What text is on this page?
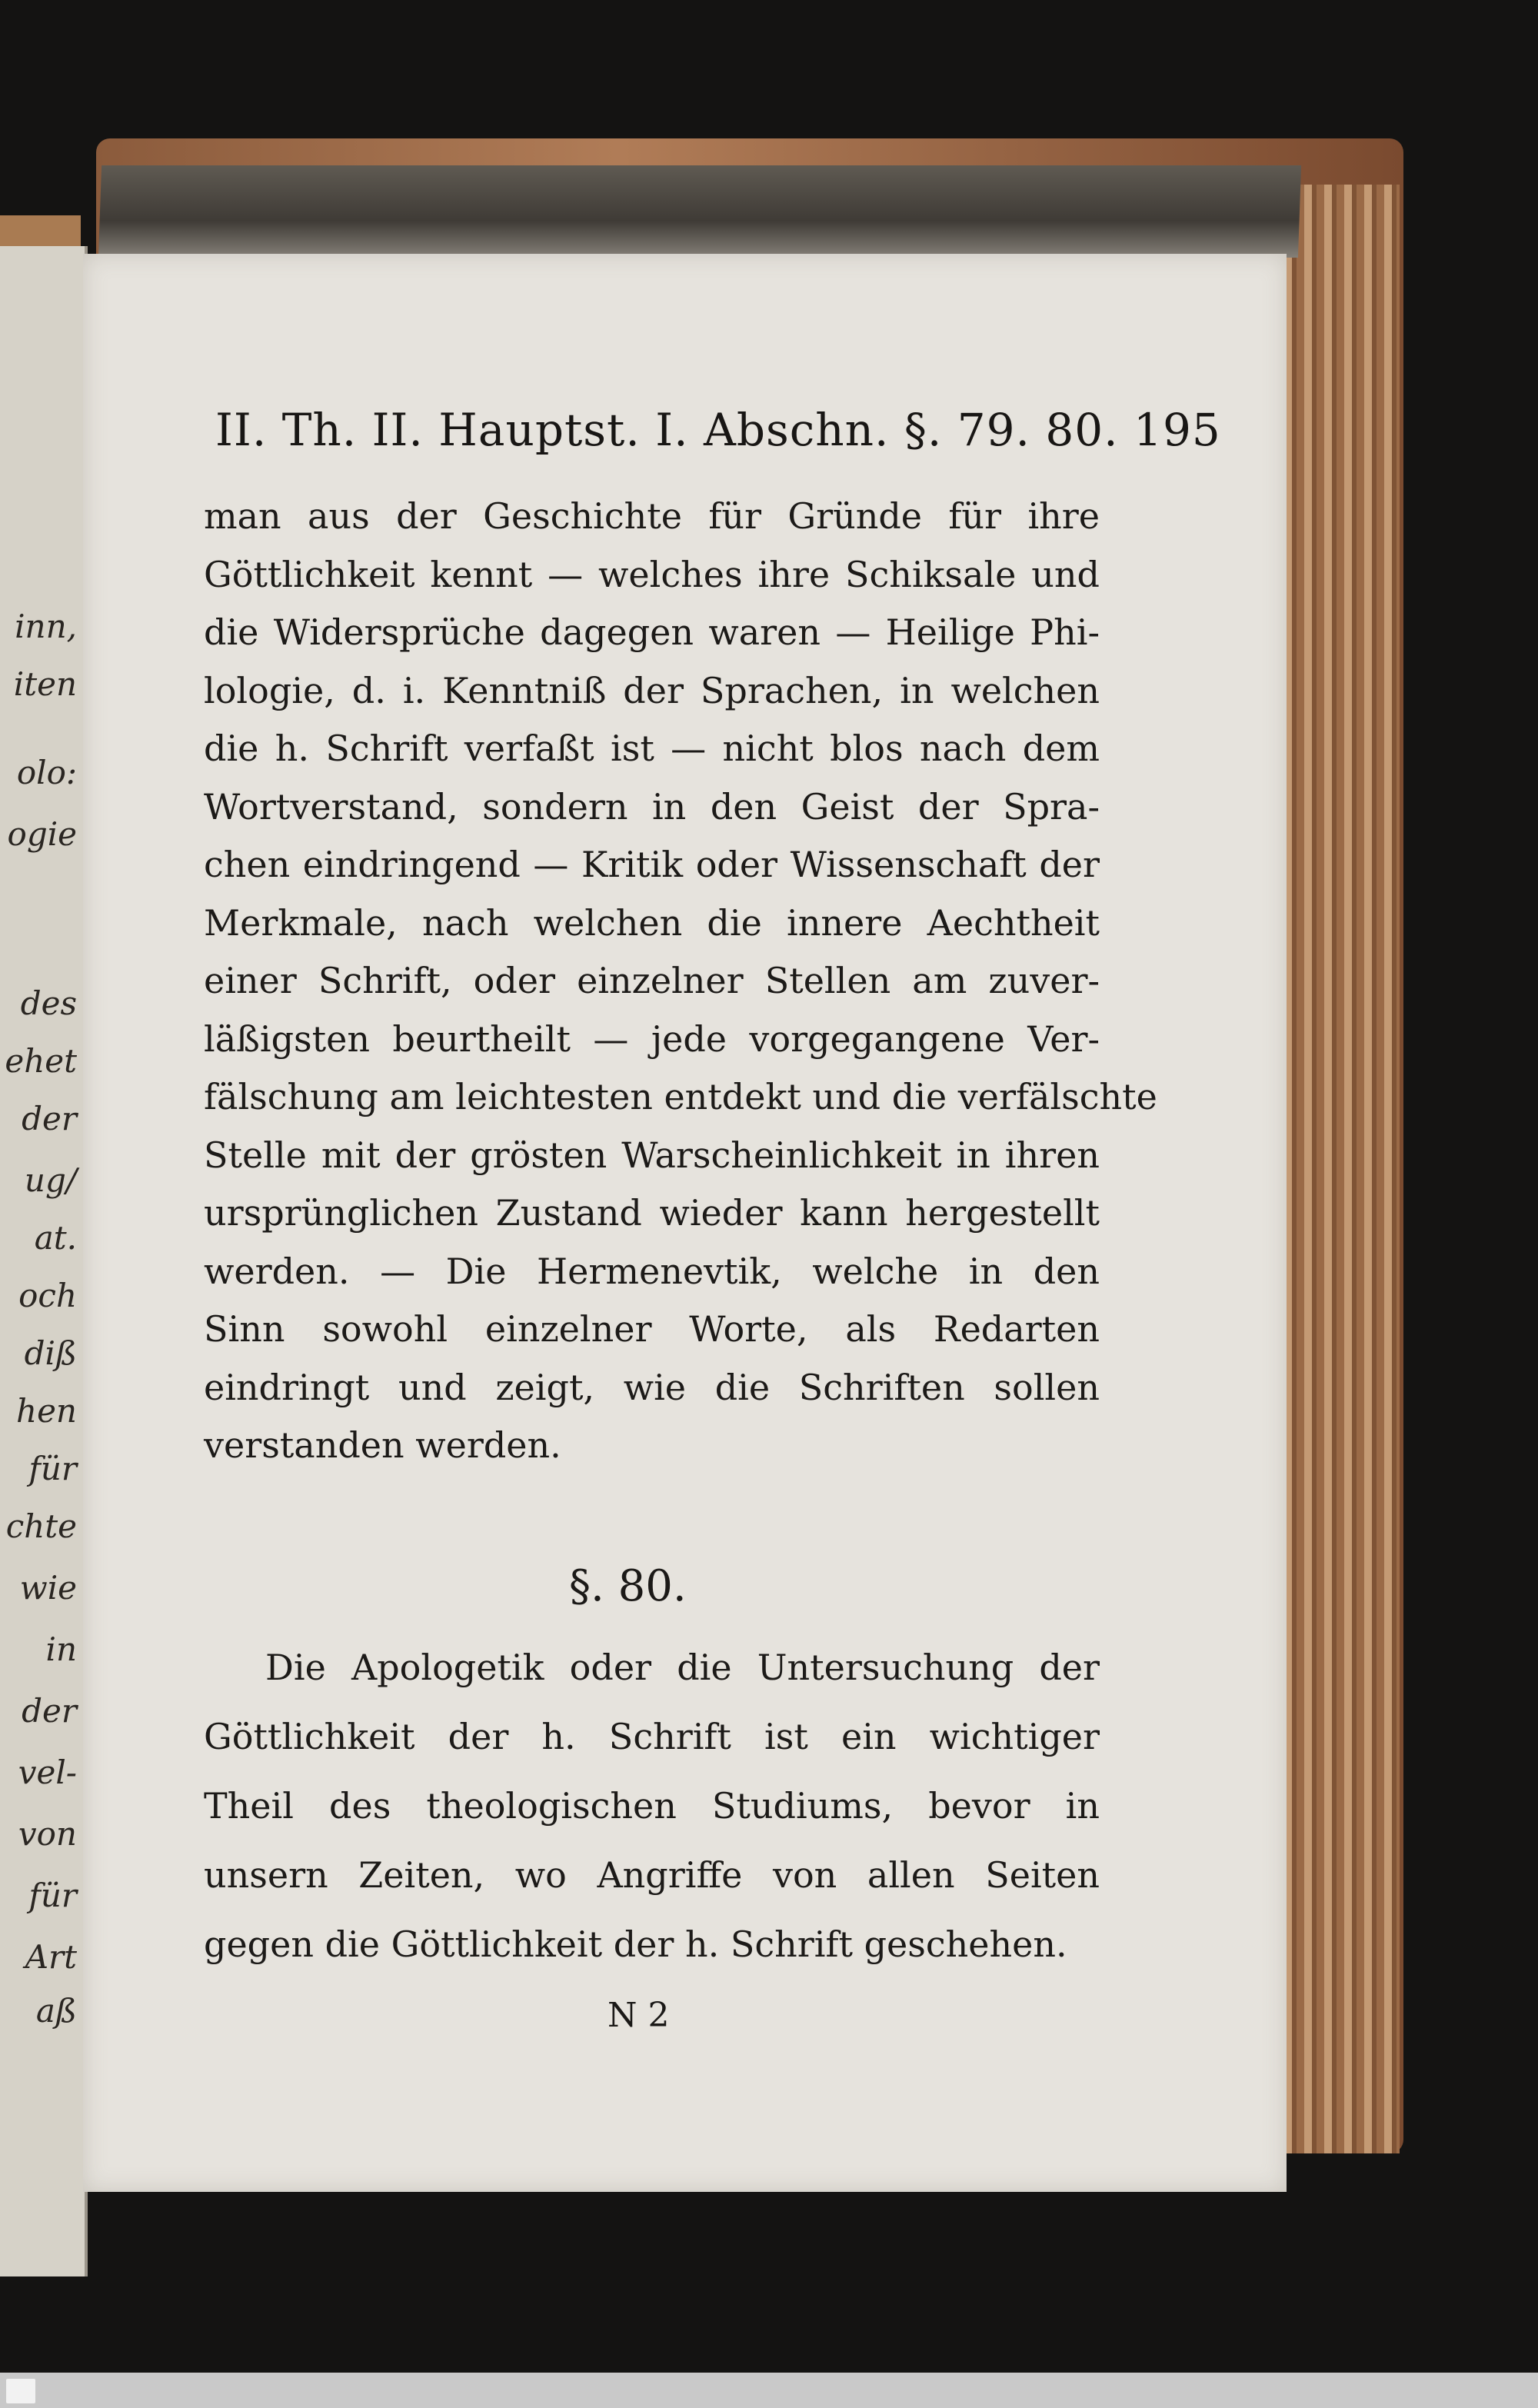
inn,
iten
olo:
ogie
des
ehet
der
ug/
at.
och
diß
hen
für
chte
wie
in
der
vel-
von
für
Art
aß
II. Th. II. Hauptst. I. Abschn. §. 79. 80. 195
man aus der Geschichte für Gründe für ihre
Göttlichkeit kennt — welches ihre Schiksale und
die Widersprüche dagegen waren — Heilige Phi-
lologie, d. i. Kenntniß der Sprachen, in welchen
die h. Schrift verfaßt ist — nicht blos nach dem
Wortverstand, sondern in den Geist der Spra-
chen eindringend — Kritik oder Wissenschaft der
Merkmale, nach welchen die innere Aechtheit
einer Schrift, oder einzelner Stellen am zuver-
läßigsten beurtheilt — jede vorgegangene Ver-
fälschung am leichtesten entdekt und die verfälschte
Stelle mit der grösten Warscheinlichkeit in ihren
ursprünglichen Zustand wieder kann hergestellt
werden. — Die Hermenevtik, welche in den
Sinn sowohl einzelner Worte, als Redarten
eindringt und zeigt, wie die Schriften sollen
verstanden werden.
§. 80.
Die Apologetik oder die Untersuchung der
Göttlichkeit der h. Schrift ist ein wichtiger
Theil des theologischen Studiums, bevor in
unsern Zeiten, wo Angriffe von allen Seiten
gegen die Göttlichkeit der h. Schrift geschehen.
N 2
